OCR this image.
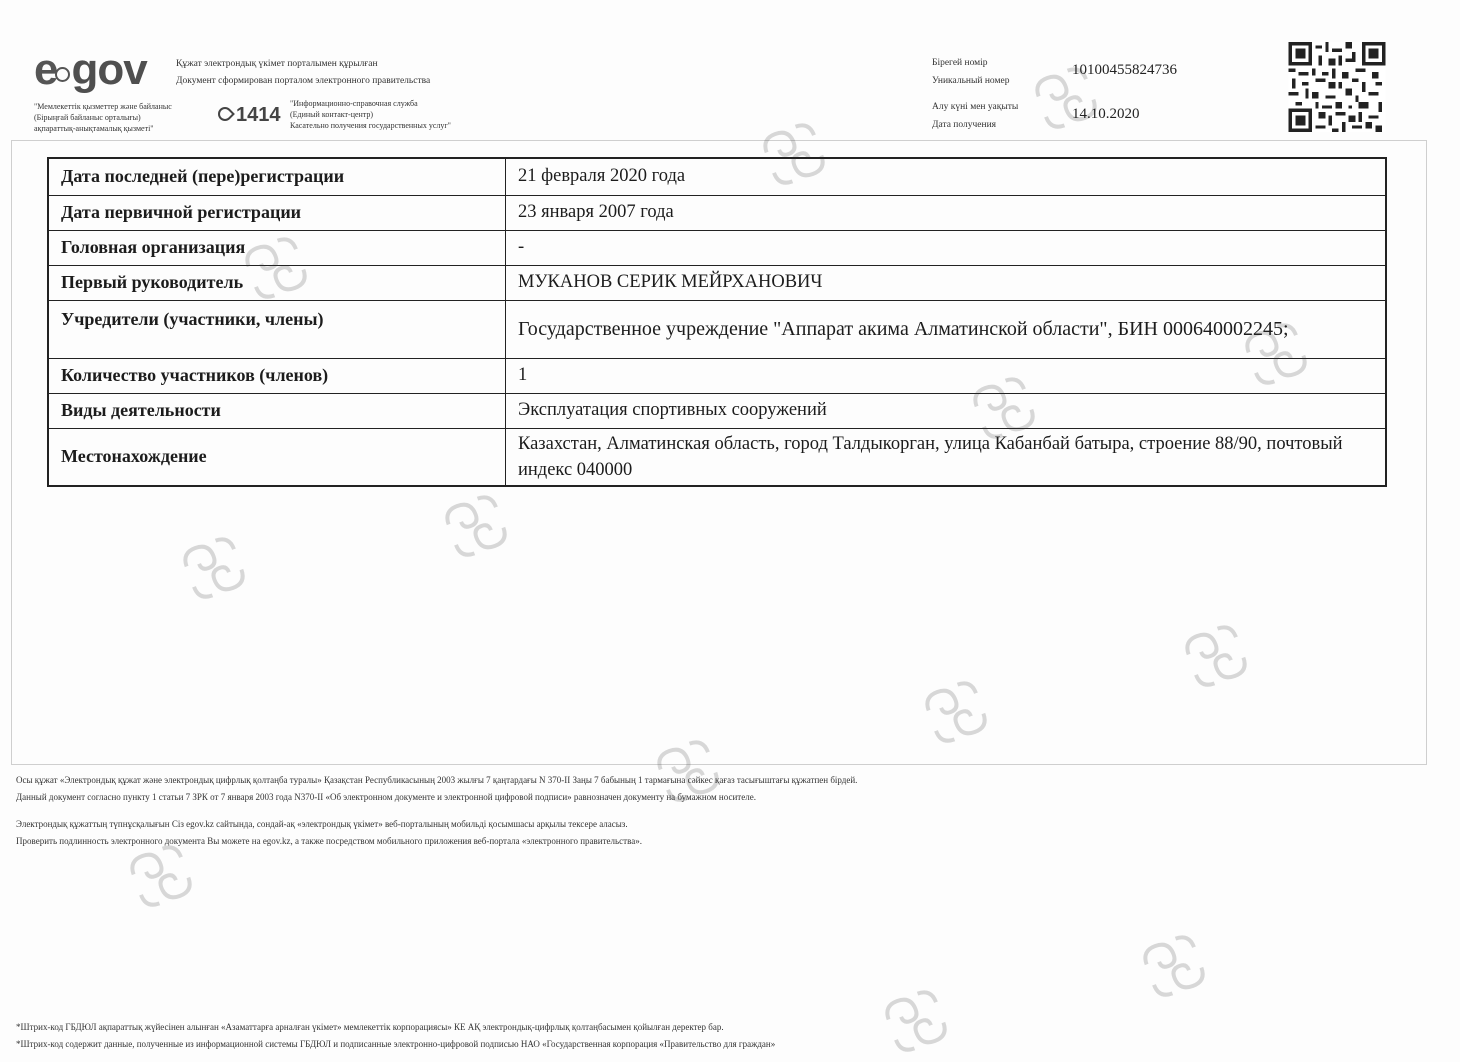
e gov	Құжат электрондық үкімет порталымен құрылған
Документ сформирован порталом электронного правительства
"Мемлекеттік қызметтер және байланыс
(Бірыңғай байланыс орталығы)
ақпараттық-анықтамалық қызметі"
1414
"Информационно-справочная служба
(Единый контакт-центр)
Касательно получения государственных услуг"
Бірегей номір
Уникальный номер
10100455824736
Алу күні мен уақыты
Дата получения
14.10.2020
Дата последней (пере)регистрации	21 февраля 2020 года
Дата первичной регистрации	23 января 2007 года
Головная организация	-
Первый руководитель	МУКАНОВ СЕРИК МЕЙРХАНОВИЧ
Учредители (участники, члены)	Государственное учреждение "Аппарат акима Алматинской области", БИН 000640002245;
Количество участников (членов)	1
Виды деятельности	Эксплуатация спортивных сооружений
Местонахождение	Казахстан, Алматинская область, город Талдыкорган, улица Кабанбай батыра, строение 88/90, почтовый индекс 040000
Осы құжат «Электрондық құжат және электрондық цифрлық қолтаңба туралы» Қазақстан Республикасының 2003 жылғы 7 қаңтардағы N 370-II Заңы 7 бабының 1 тармағына сәйкес қағаз тасығыштағы құжатпен бірдей.
Данный документ согласно пункту 1 статьи 7 ЗРК от 7 января 2003 года N370-II «Об электронном документе и электронной цифровой подписи» равнозначен документу на бумажном носителе.
Электрондық құжаттың түпнұсқалығын Сіз egov.kz сайтында, сондай-ақ «электрондық үкімет» веб-порталының мобильді қосымшасы арқылы тексере аласыз.
Проверить подлинность электронного документа Вы можете на egov.kz, а также посредством мобильного приложения веб-портала «электронного правительства».
*Штрих-код ГБДЮЛ ақпараттық жүйесінен алынған «Азаматтарға арналған үкімет» мемлекеттік корпорациясы» КЕ АҚ электрондық-цифрлық қолтаңбасымен қойылған деректер бар.
*Штрих-код содержит данные, полученные из информационной системы ГБДЮЛ и подписанные электронно-цифровой подписью НАО «Государственная корпорация «Правительство для граждан»
